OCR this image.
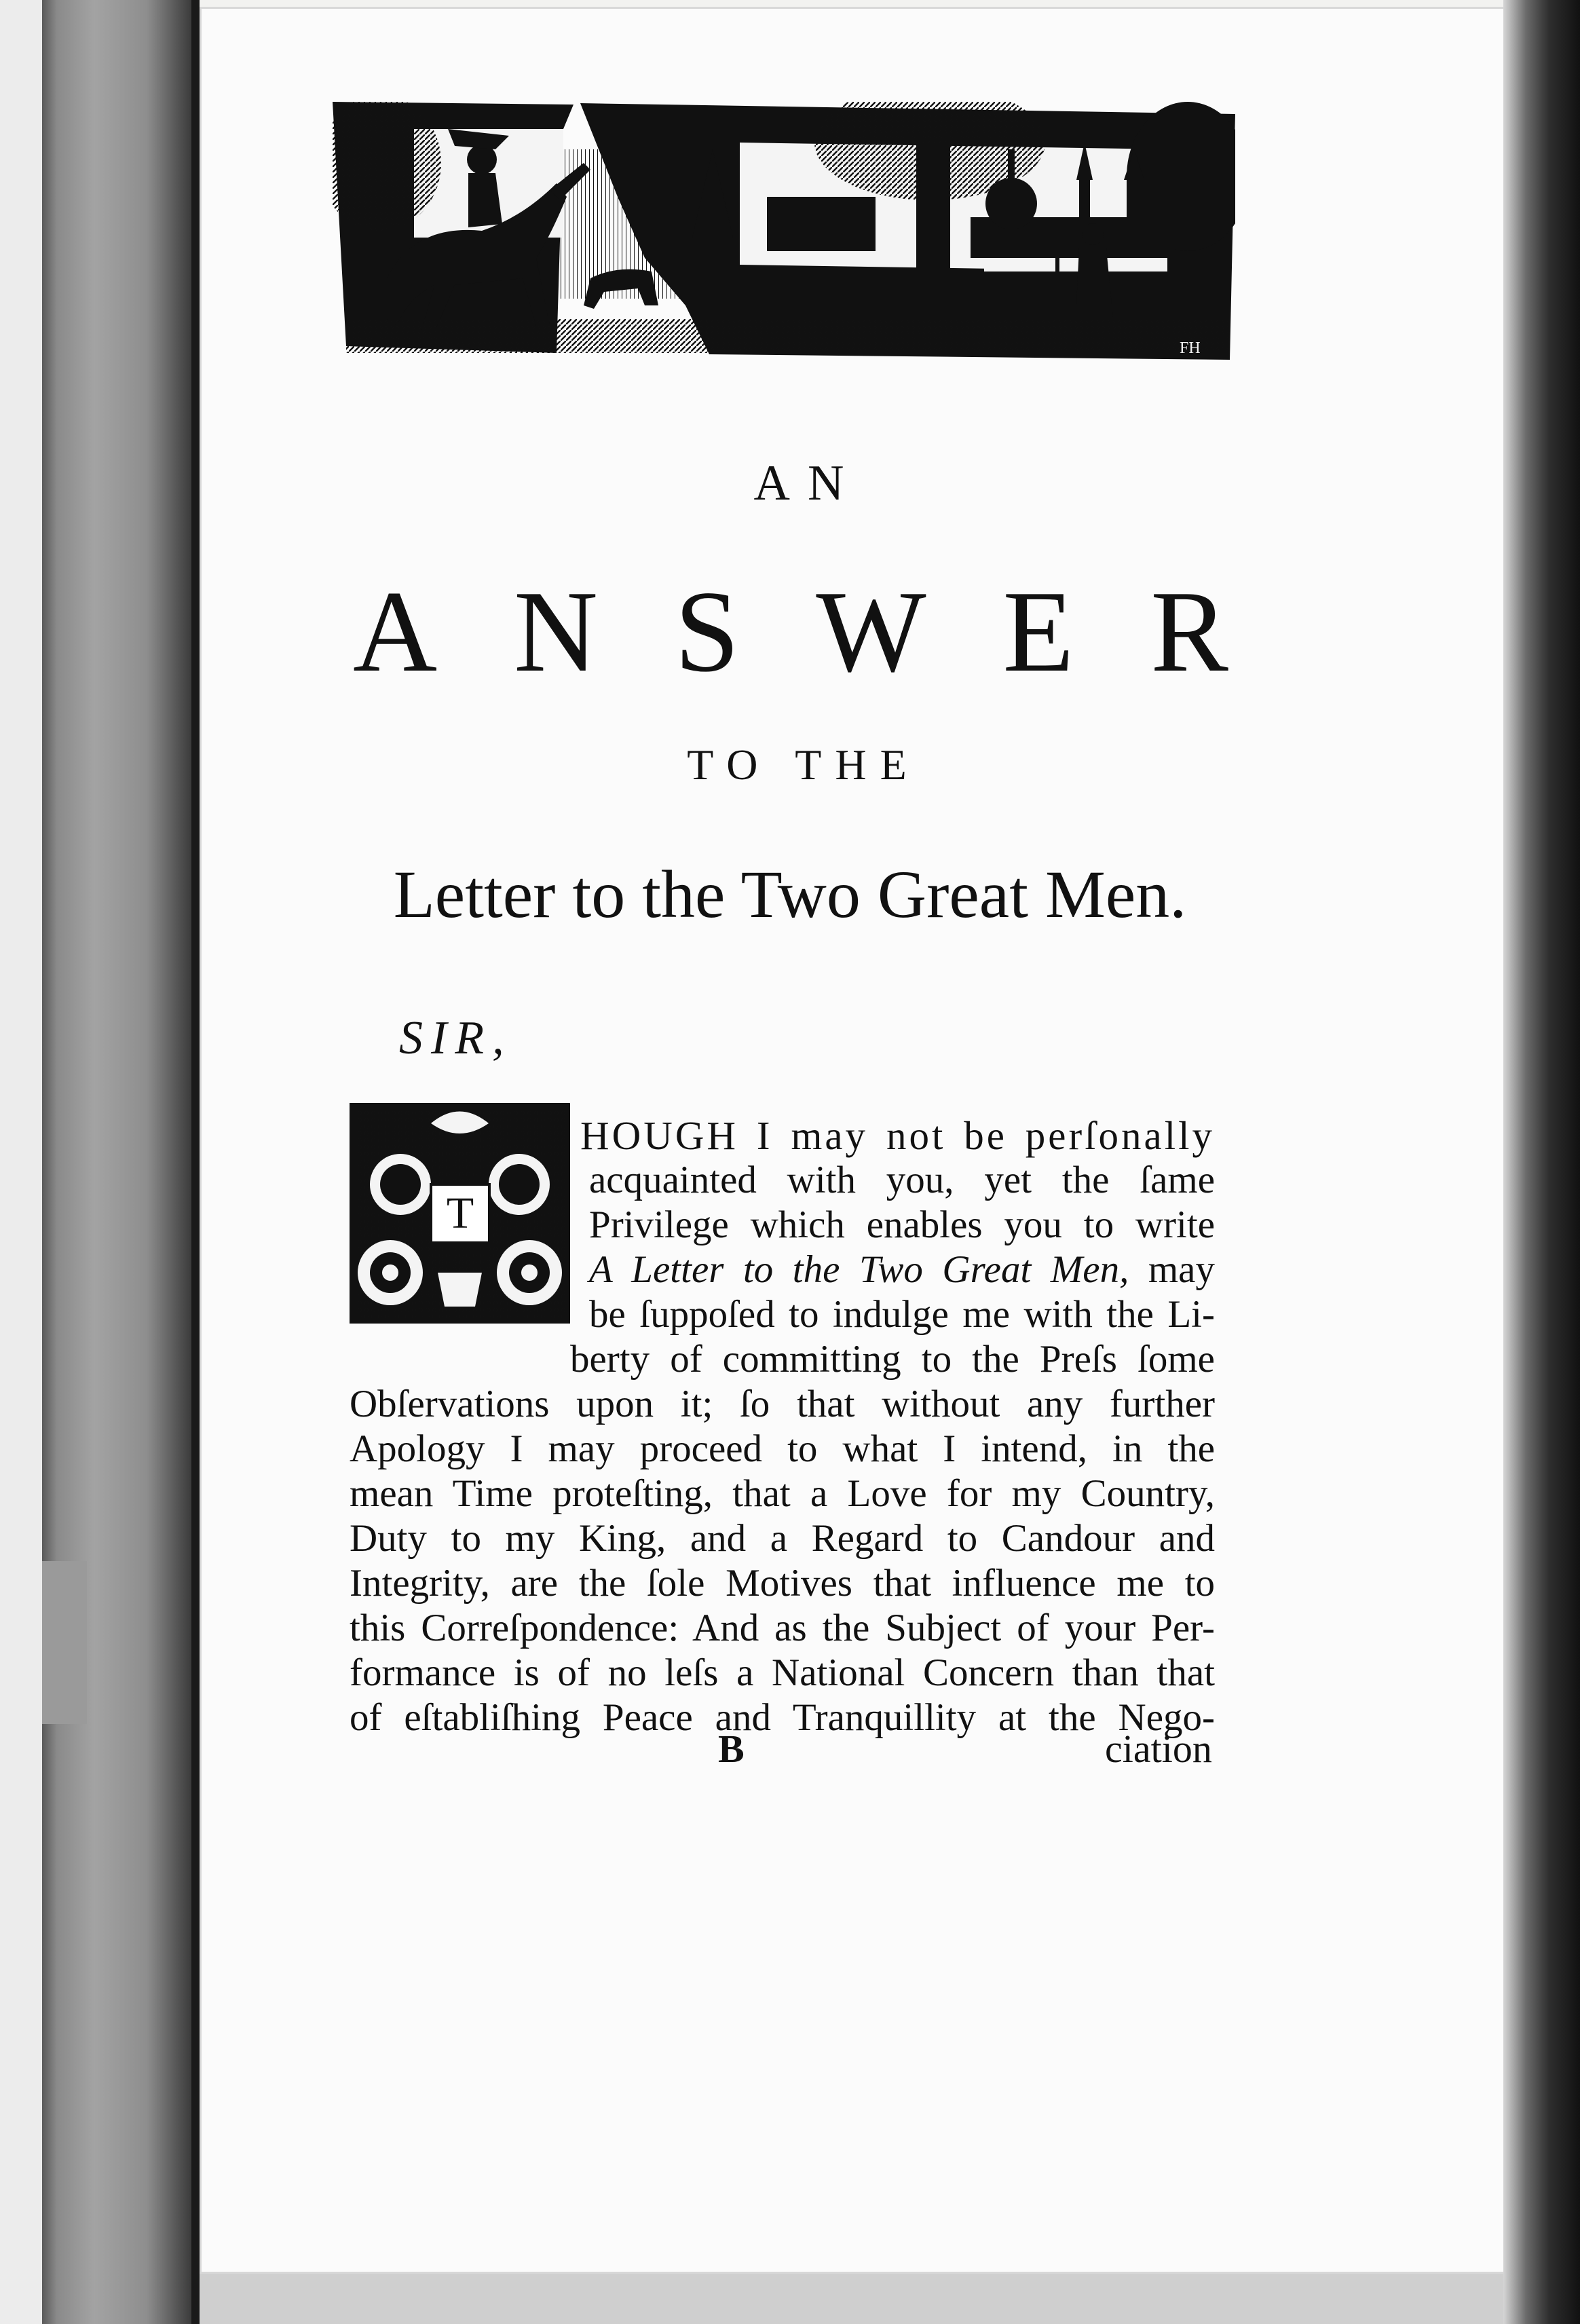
FH
AN
A N S W E R
TO THE
Letter to the Two Great Men.
SIR,
T
HOUGH I may not be perſonally
acquainted with you, yet the ſame
Privilege which enables you to write
A Letter to the Two Great Men, may
be ſuppoſed to indulge me with the Li-
berty of committing to the Preſs ſome
Obſervations upon it; ſo that without any further
Apology I may proceed to what I intend, in the
mean Time proteſting, that a Love for my Country,
Duty to my King, and a Regard to Candour and
Integrity, are the ſole Motives that influence me to
this Correſpondence: And as the Subject of your Per-
formance is of no leſs a National Concern than that
of eſtabliſhing Peace and Tranquillity at the Nego-
B	ciation
